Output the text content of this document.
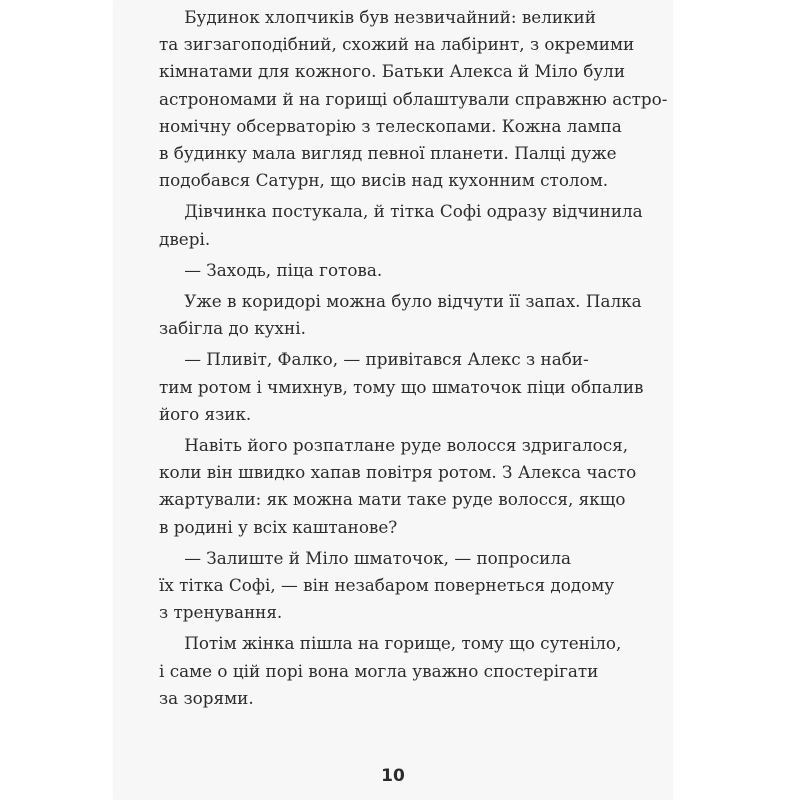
Будинок хлопчиків був незвичайний: великий
та зигзагоподібний, схожий на лабіринт, з окремими
кімнатами для кожного. Батьки Алекса й Міло були
астрономами й на горищі облаштували справжню астро-
номічну обсерваторію з телескопами. Кожна лампа
в будинку мала вигляд певної планети. Палці дуже
подобався Сатурн, що висів над кухонним столом.

Дівчинка постукала, й тітка Софі одразу відчинила
двері.

— Заходь, піца готова.

Уже в коридорі можна було відчути її запах. Палка
забігла до кухні.

— Пливіт, Фалко, — привітався Алекс з наби-
тим ротом і чмихнув, тому що шматочок піци обпалив
його язик.

Навіть його розпатлане руде волосся здригалося,
коли він швидко хапав повітря ротом. З Алекса часто
жартували: як можна мати таке руде волосся, якщо
в родині у всіх каштанове?

— Залиште й Міло шматочок, — попросила
їх тітка Софі, — він незабаром повернеться додому
з тренування.

Потім жінка пішла на горище, тому що сутеніло,
і саме о цій порі вона могла уважно спостерігати
за зорями.

10
